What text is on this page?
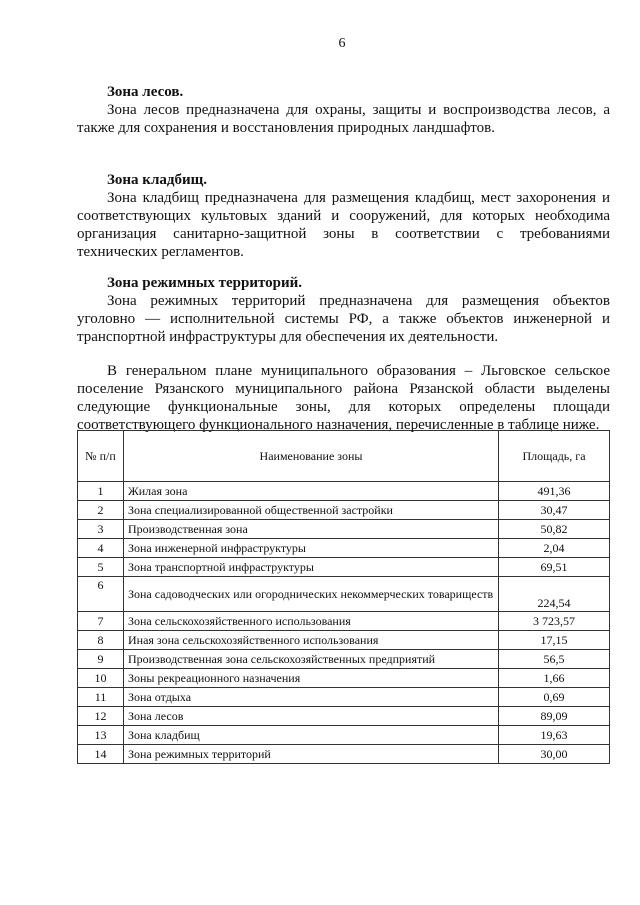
6
Зона лесов.
Зона лесов предназначена для охраны, защиты и воспроизводства лесов, а также для сохранения и восстановления природных ландшафтов.
Зона кладбищ.
Зона кладбищ предназначена для размещения кладбищ, мест захоронения и соответствующих культовых зданий и сооружений, для которых необходима организация санитарно-защитной зоны в соответствии с требованиями технических регламентов.
Зона режимных территорий.
Зона режимных территорий предназначена для размещения объектов уголовно — исполнительной системы РФ, а также объектов инженерной и транспортной инфраструктуры для обеспечения их деятельности.
В генеральном плане муниципального образования – Льговское сельское поселение Рязанского муниципального района Рязанской области выделены следующие функциональные зоны, для которых определены площади соответствующего функционального назначения, перечисленные в таблице ниже.
№ п/п	Наименование зоны	Площадь, га
1	Жилая зона	491,36
2	Зона специализированной общественной застройки	30,47
3	Производственная зона	50,82
4	Зона инженерной инфраструктуры	2,04
5	Зона транспортной инфраструктуры	69,51
6	Зона садоводческих или огороднических некоммерческих товариществ	224,54
7	Зона сельскохозяйственного использования	3 723,57
8	Иная зона сельскохозяйственного использования	17,15
9	Производственная зона сельскохозяйственных предприятий	56,5
10	Зоны рекреационного назначения	1,66
11	Зона отдыха	0,69
12	Зона лесов	89,09
13	Зона кладбищ	19,63
14	Зона режимных территорий	30,00
